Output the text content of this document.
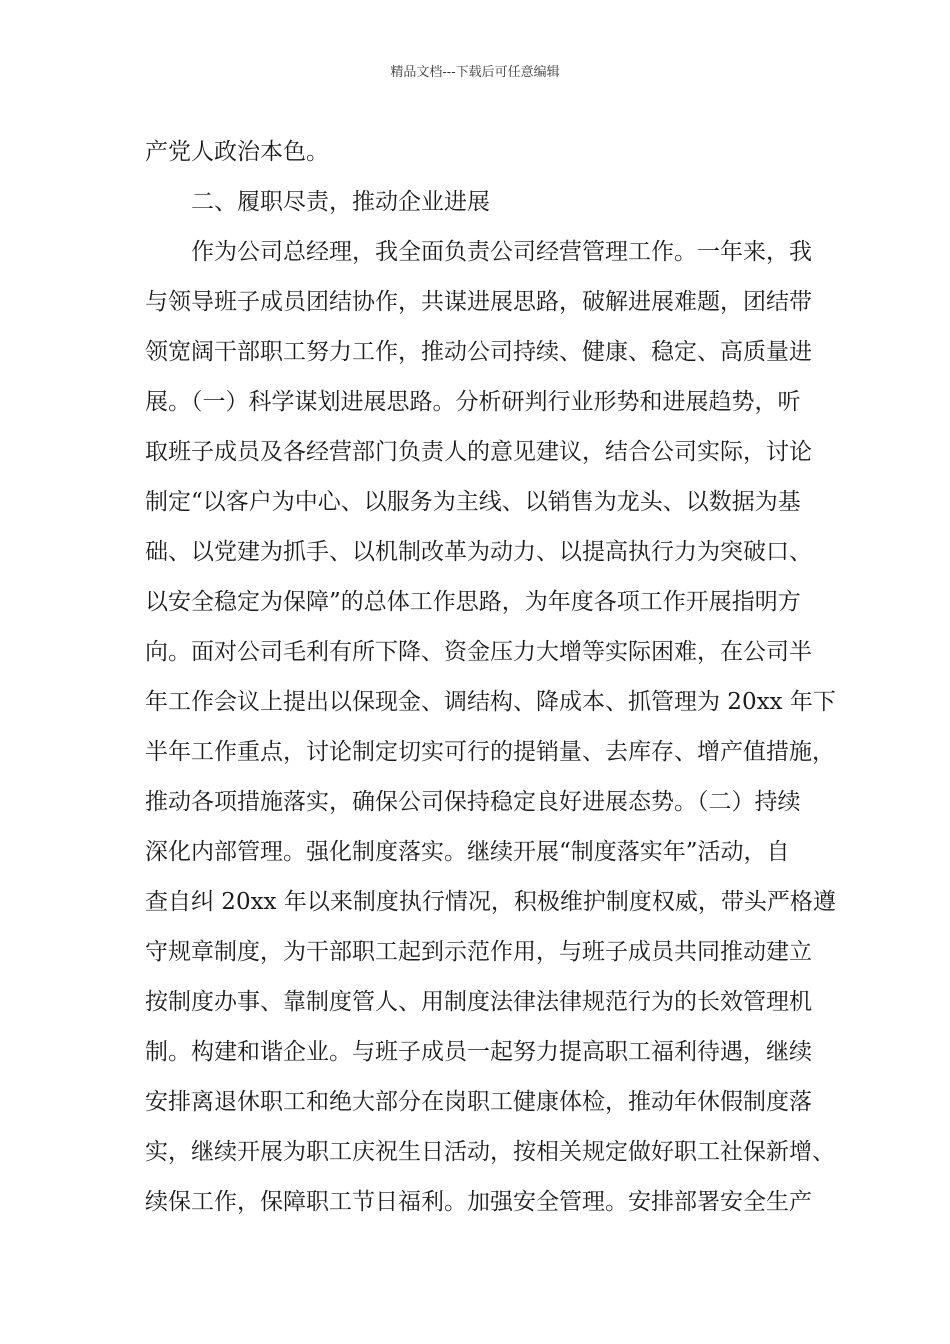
精品文档---下载后可任意编辑
产党人政治本色。
二、履职尽责，推动企业进展
作为公司总经理，我全面负责公司经营管理工作。一年来，我
与领导班子成员团结协作，共谋进展思路，破解进展难题，团结带
领宽阔干部职工努力工作，推动公司持续、健康、稳定、高质量进
展。（一）科学谋划进展思路。分析研判行业形势和进展趋势，听
取班子成员及各经营部门负责人的意见建议，结合公司实际，讨论
制定“以客户为中心、以服务为主线、以销售为龙头、以数据为基
础、以党建为抓手、以机制改革为动力、以提高执行力为突破口、
以安全稳定为保障”的总体工作思路，为年度各项工作开展指明方
向。面对公司毛利有所下降、资金压力大增等实际困难，在公司半
年工作会议上提出以保现金、调结构、降成本、抓管理为 20xx 年下
半年工作重点，讨论制定切实可行的提销量、去库存、增产值措施，
推动各项措施落实，确保公司保持稳定良好进展态势。（二）持续
深化内部管理。强化制度落实。继续开展“制度落实年”活动，自
查自纠 20xx 年以来制度执行情况，积极维护制度权威，带头严格遵
守规章制度，为干部职工起到示范作用，与班子成员共同推动建立
按制度办事、靠制度管人、用制度法律法律规范行为的长效管理机
制。构建和谐企业。与班子成员一起努力提高职工福利待遇，继续
安排离退休职工和绝大部分在岗职工健康体检，推动年休假制度落
实，继续开展为职工庆祝生日活动，按相关规定做好职工社保新增、
续保工作，保障职工节日福利。加强安全管理。安排部署安全生产
